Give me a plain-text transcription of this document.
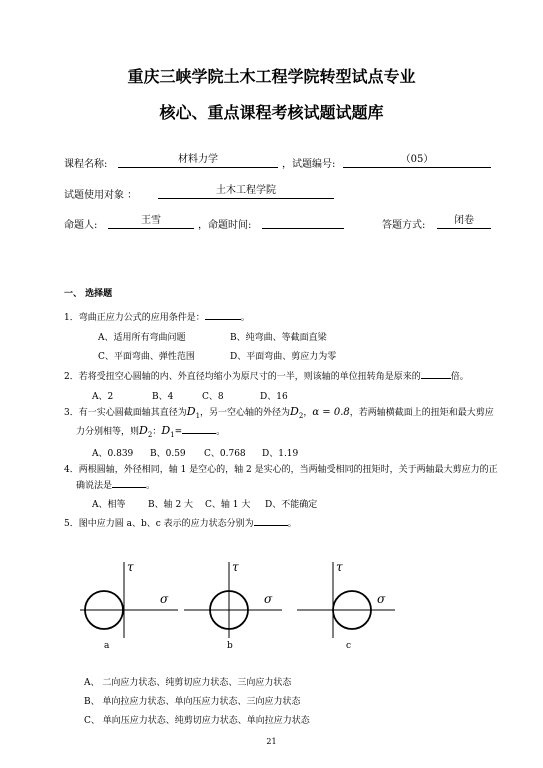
重庆三峡学院土木工程学院转型试点专业
核心、重点课程考核试题试题库
课程名称:	材料力学	，试题编号:	（05）
试题使用对象 ：	土木工程学院
命题人:	王雪	，命题时间:	答题方式:	闭卷
一、 选择题
1．弯曲正应力公式的应用条件是：	。
A、适用所有弯曲问题	B、纯弯曲、等截面直梁
C、平面弯曲、弹性范围	D、平面弯曲、剪应力为零
2．若将受扭空心圆轴的内、外直径均缩小为原尺寸的一半，则该轴的单位扭转角是原来的	倍。
A、2	B、4	C、8	D、16
3．有一实心圆截面轴其直径为$D_1$，另一空心轴的外径为$D_2$，α = 0.8，若两轴横截面上的扭矩和最大剪应
力分别相等，则$D_2$：$D_1=$	。
A、0.839 B、0.59 C、0.768 D、1.19
4．两根圆轴，外径相同，轴 1 是空心的，轴 2 是实心的，当两轴受相同的扭矩时，关于两轴最大剪应力的正
确说法是	。
A、相等	B、轴 2 大 C、轴 1 大 D、不能确定
5．图中应力圆 a、b、c 表示的应力状态分别为	。
τ
σ
a
τ
σ
b
τ
σ
c
A、 二向应力状态、纯剪切应力状态、三向应力状态
B、 单向拉应力状态、单向压应力状态、三向应力状态
C、 单向压应力状态、纯剪切应力状态、单向拉应力状态
21
